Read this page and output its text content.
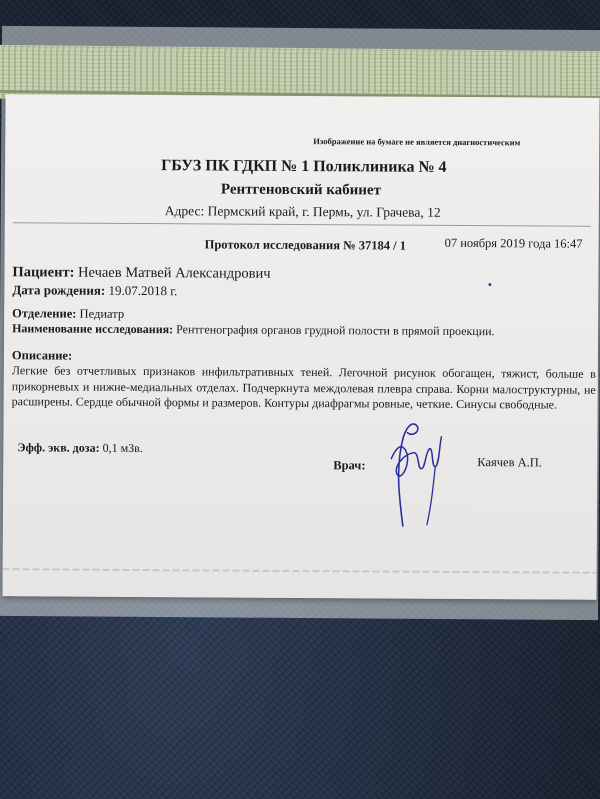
Изображение на бумаге не является диагностическим
ГБУЗ ПК ГДКП № 1 Поликлиника № 4
Рентгеновский кабинет
Адрес: Пермский край, г. Пермь, ул. Грачева, 12
Протокол исследования № 37184 / 1	07 ноября 2019 года 16:47
Пациент: Нечаев Матвей Александрович
Дата рождения: 19.07.2018 г.
Отделение: Педиатр
Наименование исследования: Рентгенография органов грудной полости в прямой проекции.
Описание:
Легкие без отчетливых признаков инфильтративных теней. Легочной рисунок обогащен, тяжист, больше в прикорневых и нижне-медиальных отделах. Подчеркнута междолевая плевра справа. Корни малоструктурны, не расширены. Сердце обычной формы и размеров. Контуры диафрагмы ровные, четкие. Синусы свободные.
Эфф. экв. доза: 0,1 мЗв.
Врач:	Каячев А.П.
